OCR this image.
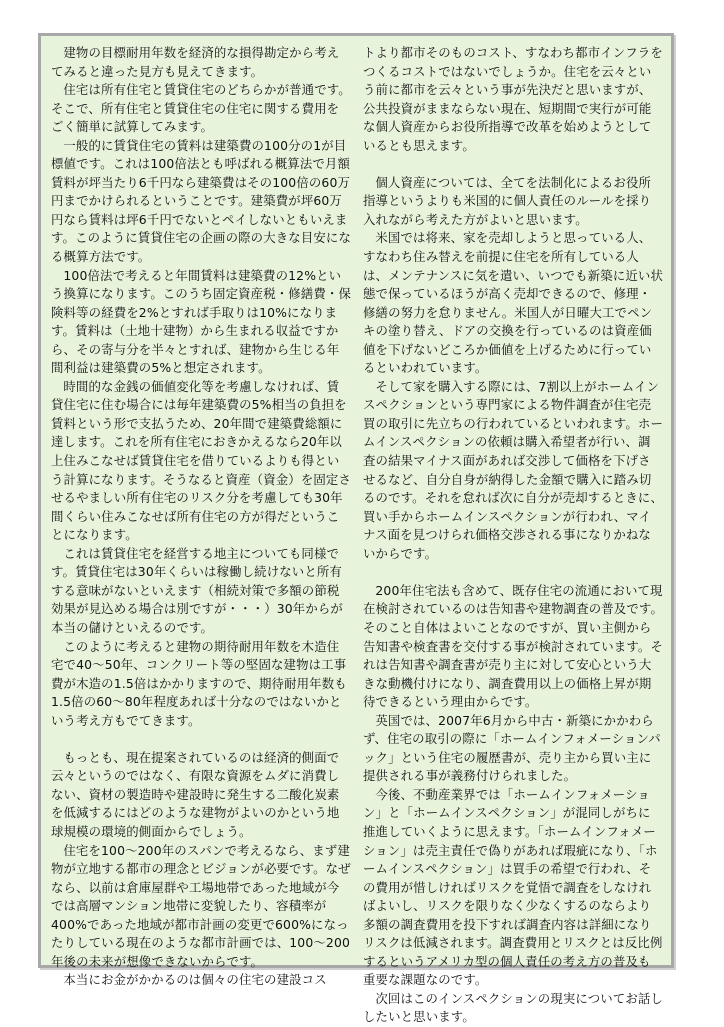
建物の目標耐用年数を経済的な損得勘定から考えてみると違った見方も見えてきます。

住宅は所有住宅と賃貸住宅のどちらかが普通です。そこで、所有住宅と賃貸住宅の住宅に関する費用をごく簡単に試算してみます。

一般的に賃貸住宅の賃料は建築費の100分の1が目標値です。これは100倍法とも呼ばれる概算法で月額賃料が坪当たり6千円なら建築費はその100倍の60万円までかけられるということです。建築費が坪60万円なら賃料は坪6千円でないとペイしないともいえます。このように賃貸住宅の企画の際の大きな目安になる概算方法です。

100倍法で考えると年間賃料は建築費の12%という換算になります。このうち固定資産税・修繕費・保険料等の経費を2%とすれば手取りは10%になります。賃料は（土地十建物）から生まれる収益ですから、その寄与分を半々とすれば、建物から生じる年間利益は建築費の5%と想定されます。

時間的な金銭の価値変化等を考慮しなければ、賃貸住宅に住む場合には毎年建築費の5%相当の負担を賃料という形で支払うため、20年間で建築費総額に達します。これを所有住宅におきかえるなら20年以上住みこなせば賃貸住宅を借りているよりも得という計算になります。そうなると資産（資金）を固定させるやましい所有住宅のリスク分を考慮しても30年間くらい住みこなせば所有住宅の方が得だということになります。

これは賃貸住宅を経営する地主についても同様です。賃貸住宅は30年くらいは稼働し続けないと所有する意味がないといえます（相続対策で多額の節税効果が見込める場合は別ですが・・・）30年からが本当の儲けといえるのです。

このように考えると建物の期待耐用年数を木造住宅で40～50年、コンクリート等の堅固な建物は工事費が木造の1.5倍はかかりますので、期待耐用年数も1.5倍の60～80年程度あれば十分なのではないかという考え方もでてきます。

もっとも、現在提案されているのは経済的側面で云々というのではなく、有限な資源をムダに消費しない、資材の製造時や建設時に発生する二酸化炭素を低減するにはどのような建物がよいのかという地球規模の環境的側面からでしょう。

住宅を100～200年のスパンで考えるなら、まず建物が立地する都市の理念とビジョンが必要です。なぜなら、以前は倉庫屋群や工場地帯であった地域が今では高層マンション地帯に変貌したり、容積率が400%であった地域が都市計画の変更で600%になったりしている現在のような都市計画では、100～200年後の未来が想像できないからです。

本当にお金がかかるのは個々の住宅の建設コス

トより都市そのものコスト、すなわち都市インフラをつくるコストではないでしょうか。住宅を云々という前に都市を云々という事が先決だと思いますが、公共投資がままならない現在、短期間で実行が可能な個人資産からお役所指導で改革を始めようとしているとも思えます。

個人資産については、全てを法制化によるお役所指導というよりも米国的に個人責任のルールを採り入れながら考えた方がよいと思います。

米国では将来、家を売却しようと思っている人、すなわち住み替えを前提に住宅を所有している人は、メンテナンスに気を遣い、いつでも新築に近い状態で保っているほうが高く売却できるので、修理・修繕の努力を怠りません。米国人が日曜大工でペンキの塗り替え、ドアの交換を行っているのは資産価値を下げないどころか価値を上げるために行っているといわれています。

そして家を購入する際には、7割以上がホームインスペクションという専門家による物件調査が住宅売買の取引に先立ちの行われているといわれます。ホームインスペクションの依頼は購入希望者が行い、調査の結果マイナス面があれば交渉して価格を下げさせるなど、自分自身が納得した金額で購入に踏み切るのです。それを怠れば次に自分が売却するときに、買い手からホームインスペクションが行われ、マイナス面を見つけられ価格交渉される事になりかねないからです。

200年住宅法も含めて、既存住宅の流通において現在検討されているのは告知書や建物調査の普及です。そのこと自体はよいことなのですが、買い主側から告知書や検査書を交付する事が検討されています。それは告知書や調査書が売り主に対して安心という大きな動機付けになり、調査費用以上の価格上昇が期待できるという理由からです。

英国では、2007年6月から中古・新築にかかわらず、住宅の取引の際に「ホームインフォメーションパック」という住宅の履歴書が、売り主から買い主に提供される事が義務付けられました。

今後、不動産業界では「ホームインフォメーション」と「ホームインスペクション」が混同しがちに推進していくように思えます。「ホームインフォメーション」は売主責任で偽りがあれば瑕疵になり、「ホームインスペクション」は買手の希望で行われ、その費用が惜しければリスクを覚悟で調査をしなければよいし、リスクを限りなく少なくするのならより多額の調査費用を投下すれば調査内容は詳細になりリスクは低減されます。調査費用とリスクとは反比例するというアメリカ型の個人責任の考え方の普及も重要な課題なのです。

次回はこのインスペクションの現実についてお話ししたいと思います。
